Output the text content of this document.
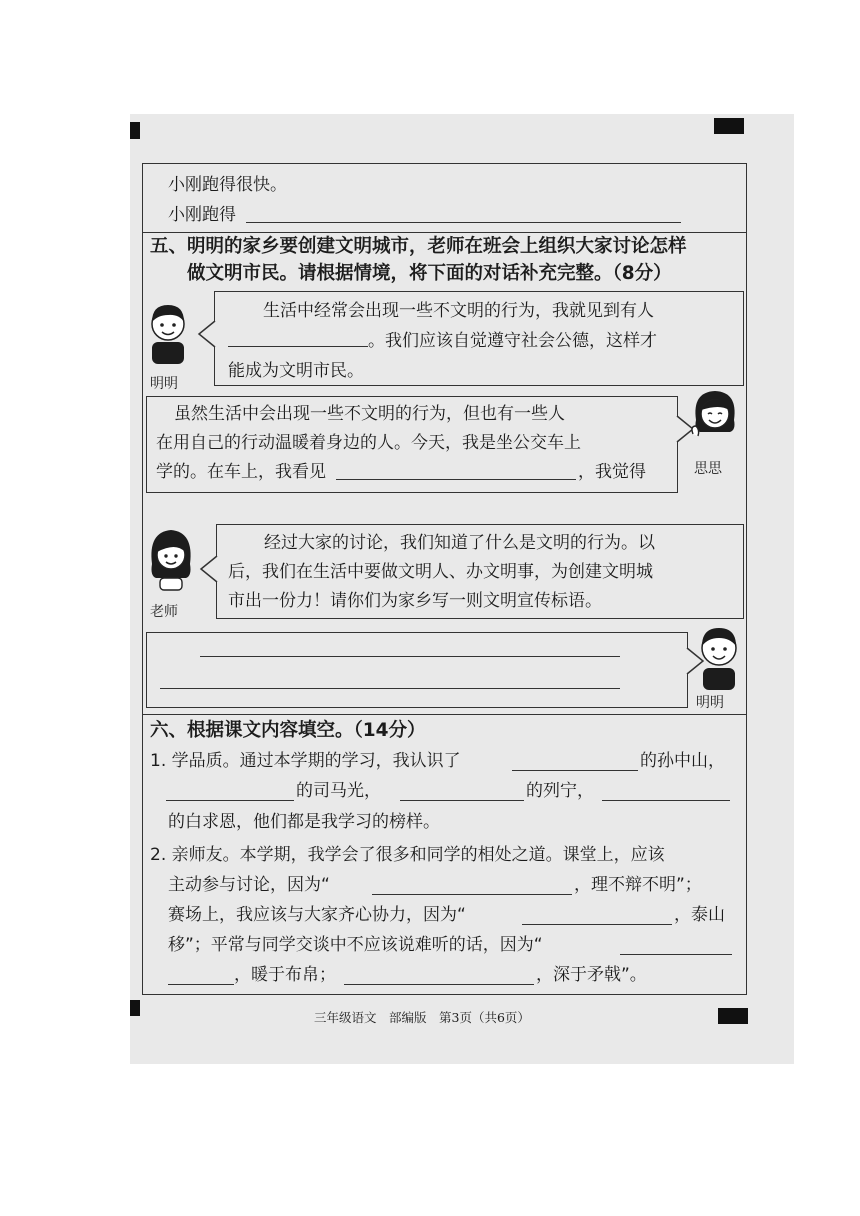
小刚跑得很快。
小刚跑得
五、明明的家乡要创建文明城市，老师在班会上组织大家讨论怎样
做文明市民。请根据情境，将下面的对话补充完整。（8分）
明明
生活中经常会出现一些不文明的行为，我就见到有人
。我们应该自觉遵守社会公德，这样才
能成为文明市民。
虽然生活中会出现一些不文明的行为，但也有一些人
在用自己的行动温暖着身边的人。今天，我是坐公交车上
学的。在车上，我看见	，我觉得	思思
老师
经过大家的讨论，我们知道了什么是文明的行为。以
后，我们在生活中要做文明人、办文明事，为创建文明城
市出一份力！请你们为家乡写一则文明宣传标语。
明明
六、根据课文内容填空。（14分）
1. 学品质。通过本学期的学习，我认识了	的孙中山，
的司马光，	的列宁，
的白求恩，他们都是我学习的榜样。
2. 亲师友。本学期，我学会了很多和同学的相处之道。课堂上，应该
主动参与讨论，因为“	，理不辩不明”；
赛场上，我应该与大家齐心协力，因为“	，泰山
移”；平常与同学交谈中不应该说难听的话，因为“
，暖于布帛；	，深于矛戟”。
三年级语文　部编版　第3页（共6页）
